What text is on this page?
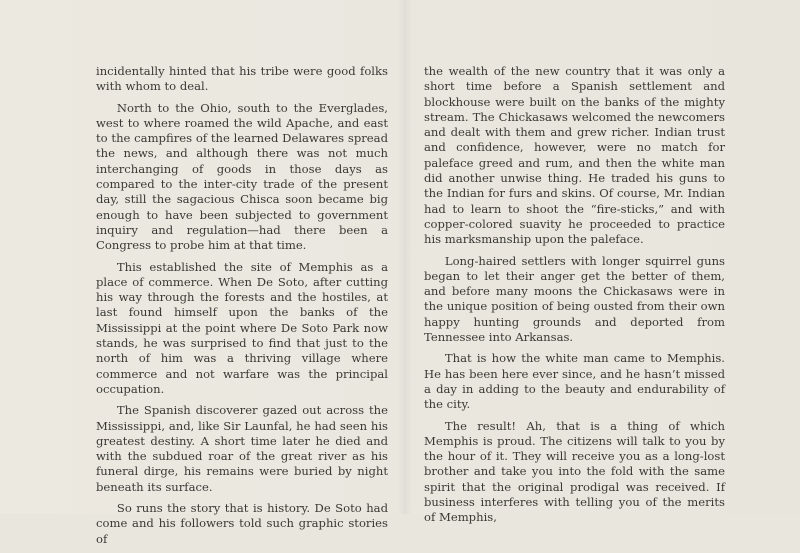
incidentally hinted that his tribe were good folks with whom to deal.

North to the Ohio, south to the Everglades, west to where roamed the wild Apache, and east to the campfires of the learned Delawares spread the news, and although there was not much interchanging of goods in those days as compared to the inter-city trade of the present day, still the sagacious Chisca soon became big enough to have been subjected to government inquiry and regulation—had there been a Congress to probe him at that time.

This established the site of Memphis as a place of commerce. When De Soto, after cutting his way through the forests and the hostiles, at last found himself upon the banks of the Mississippi at the point where De Soto Park now stands, he was surprised to find that just to the north of him was a thriving village where commerce and not warfare was the principal occupation.

The Spanish discoverer gazed out across the Mississippi, and, like Sir Launfal, he had seen his greatest destiny. A short time later he died and with the subdued roar of the great river as his funeral dirge, his remains were buried by night beneath its surface.

So runs the story that is history. De Soto had come and his followers told such graphic stories of

the wealth of the new country that it was only a short time before a Spanish settlement and blockhouse were built on the banks of the mighty stream. The Chickasaws welcomed the newcomers and dealt with them and grew richer. Indian trust and confidence, however, were no match for paleface greed and rum, and then the white man did another unwise thing. He traded his guns to the Indian for furs and skins. Of course, Mr. Indian had to learn to shoot the “fire-sticks,” and with copper-colored suavity he proceeded to practice his marksmanship upon the paleface.

Long-haired settlers with longer squirrel guns began to let their anger get the better of them, and before many moons the Chickasaws were in the unique position of being ousted from their own happy hunting grounds and deported from Tennessee into Arkansas.

That is how the white man came to Memphis. He has been here ever since, and he hasn’t missed a day in adding to the beauty and endurability of the city.

The result! Ah, that is a thing of which Memphis is proud. The citizens will talk to you by the hour of it. They will receive you as a long-lost brother and take you into the fold with the same spirit that the original prodigal was received. If business interferes with telling you of the merits of Memphis,
